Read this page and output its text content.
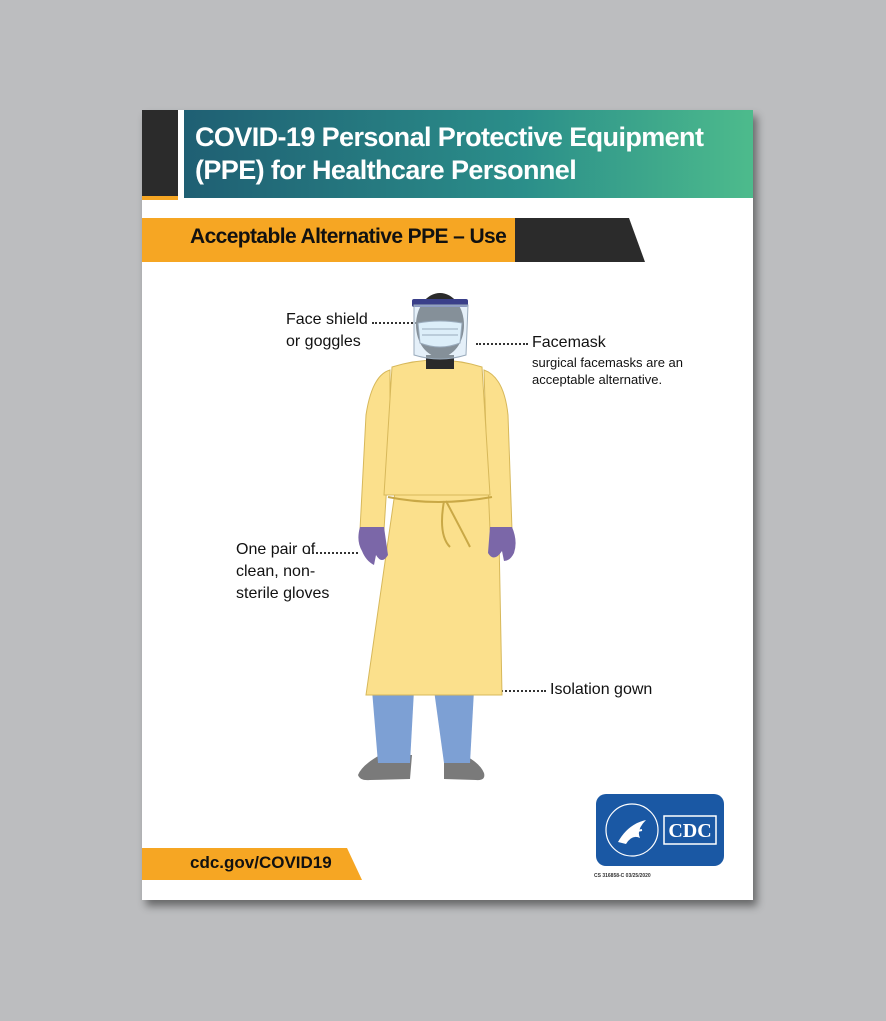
COVID-19 Personal Protective Equipment (PPE) for Healthcare Personnel
Acceptable Alternative PPE – Use
Face shield or goggles	Facemask
surgical facemasks are an acceptable alternative.
One pair of clean, non-sterile gloves
Isolation gown
cdc.gov/COVID19
CDC
CS 316858-C 03/25/2020
